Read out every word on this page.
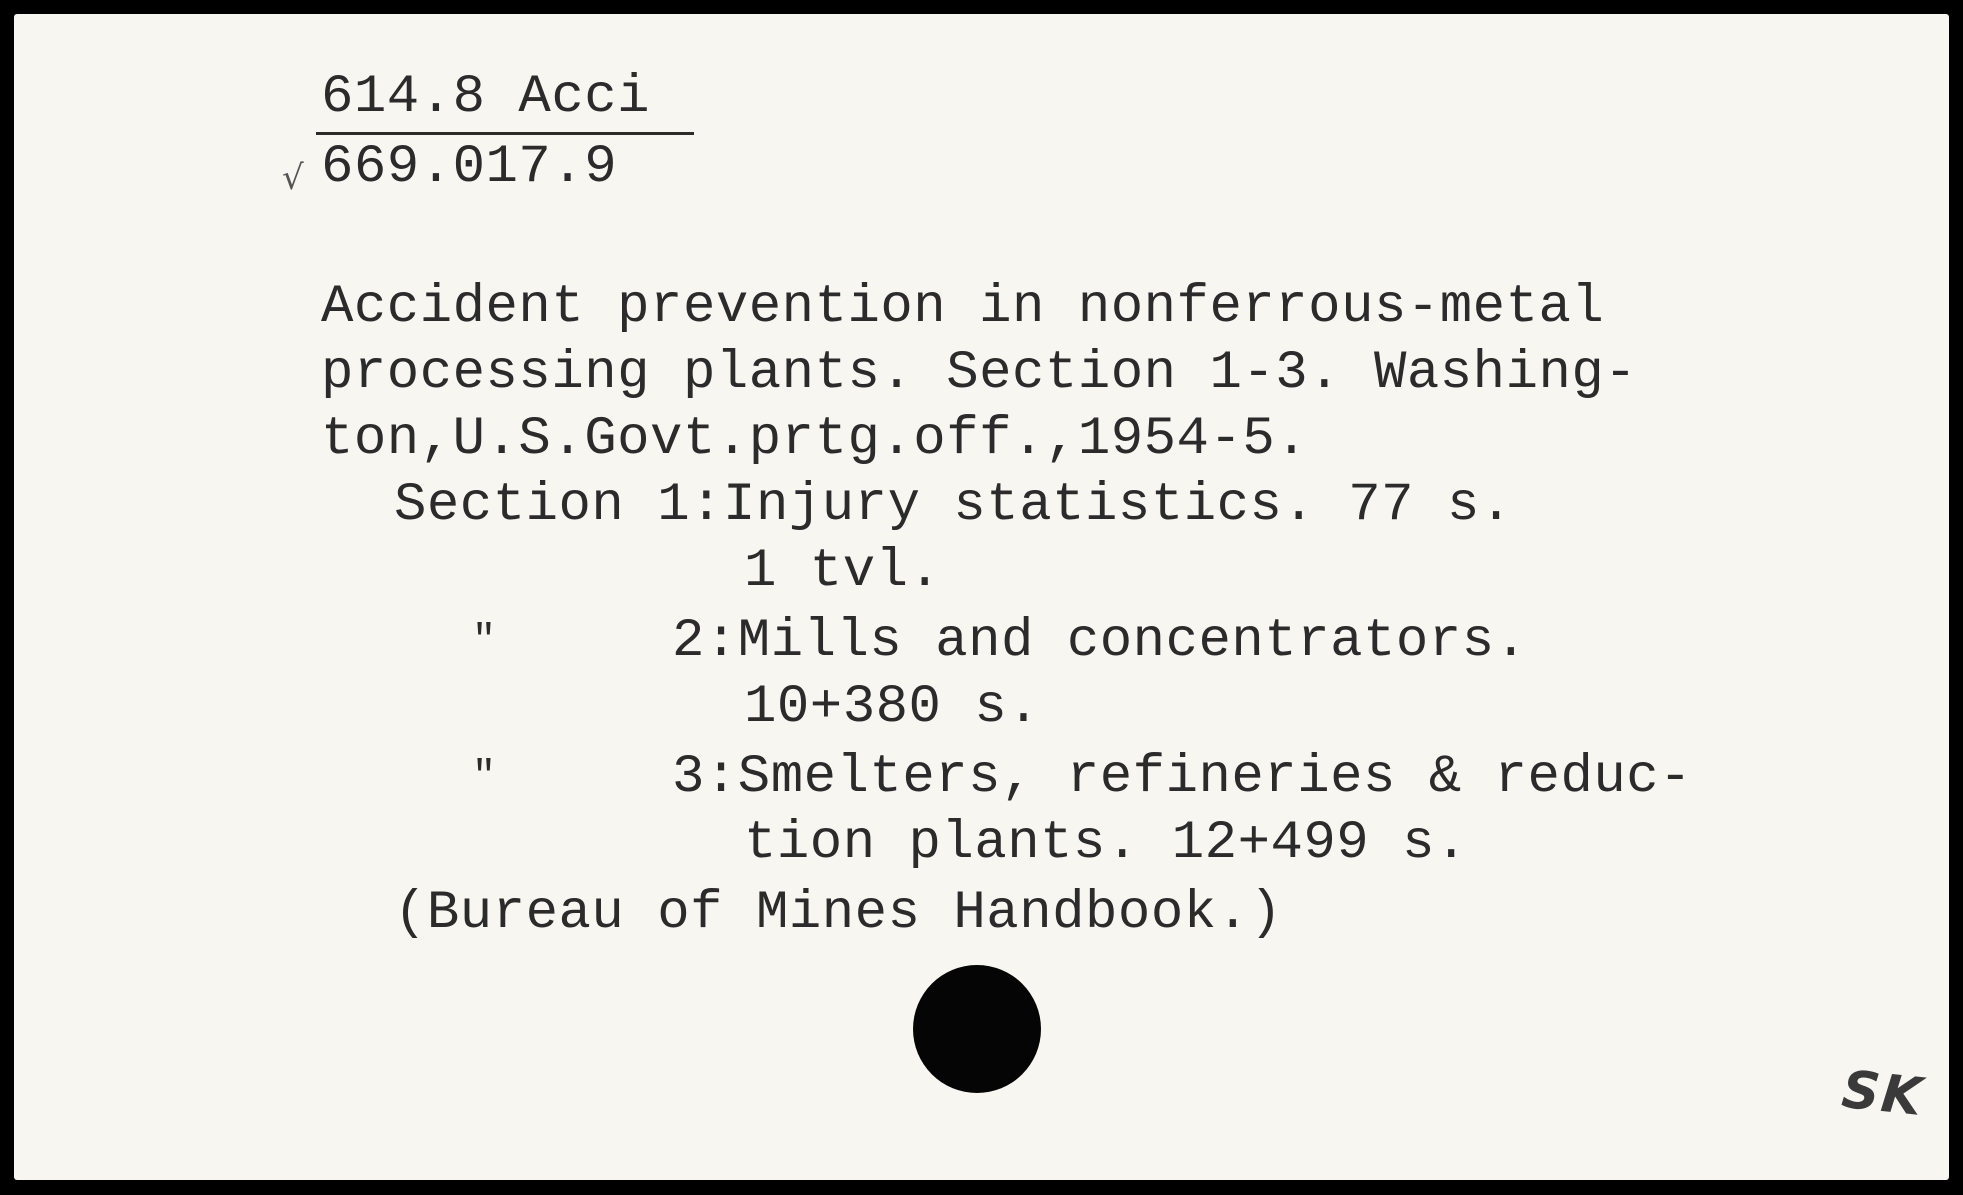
614.8 Acci
√ 669.017.9
Accident prevention in nonferrous-metal
processing plants. Section 1-3. Washing-
ton,U.S.Govt.prtg.off.,1954-5.
Section 1:Injury statistics. 77 s.
1 tvl.
"	2:Mills and concentrators.
10+380 s.
"	3:Smelters, refineries & reduc-
tion plants. 12+499 s.
(Bureau of Mines Handbook.)
SK
